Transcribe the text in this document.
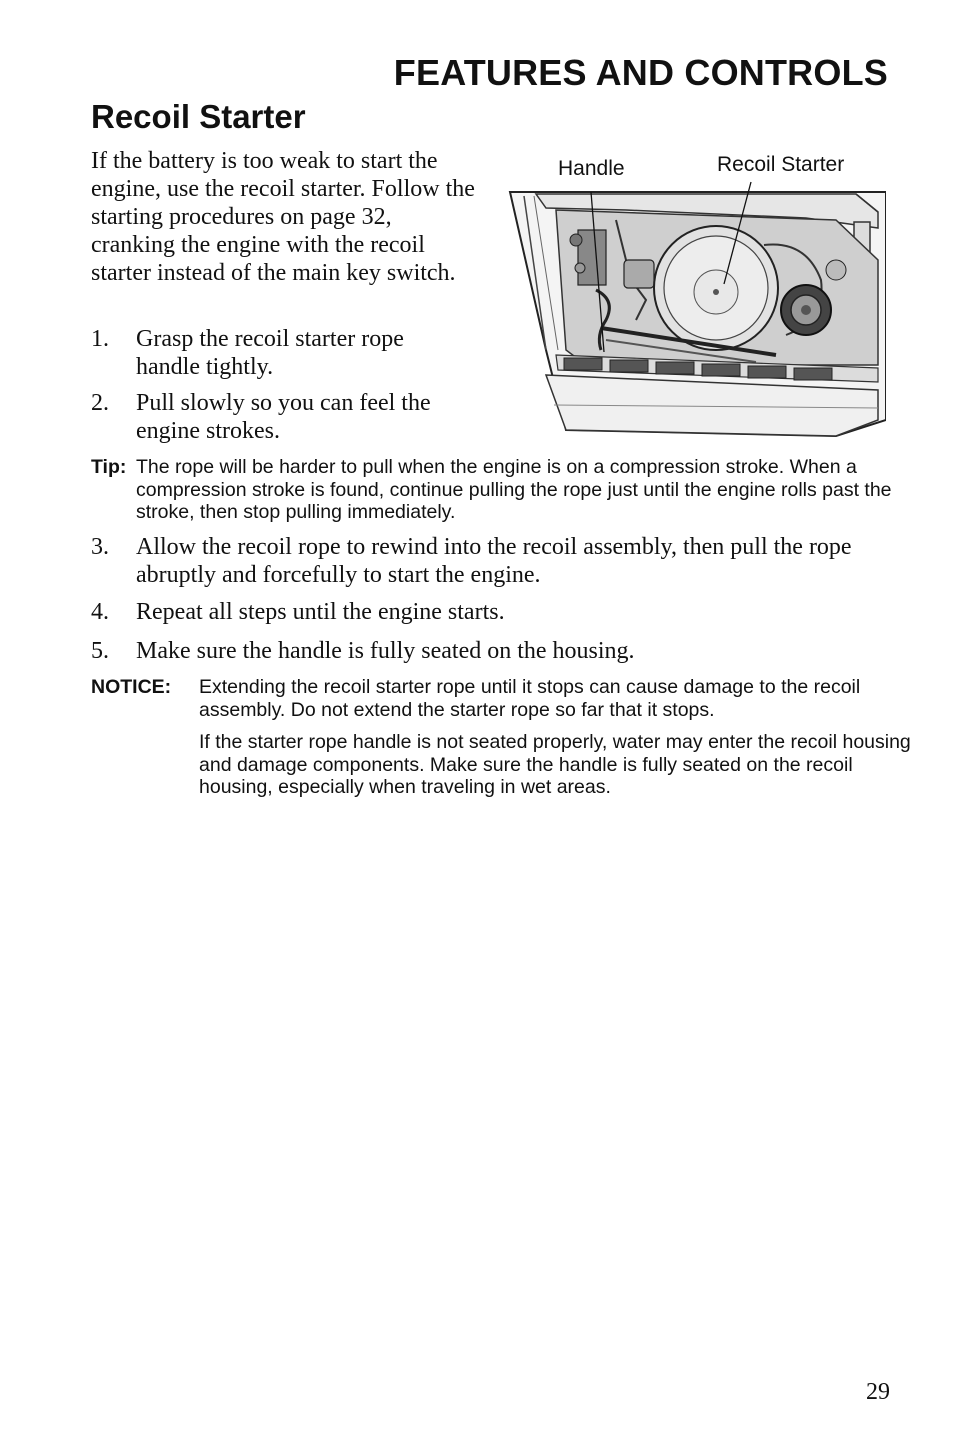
FEATURES AND CONTROLS
Recoil Starter

If the battery is too weak to start the engine, use the recoil starter. Follow the starting procedures on page 32, cranking the engine with the recoil starter instead of the main key switch.

Handle	Recoil Starter
1.	Grasp the recoil starter rope handle tightly.
2.	Pull slowly so you can feel the engine strokes.
Tip: The rope will be harder to pull when the engine is on a compression stroke. When a compression stroke is found, continue pulling the rope just until the engine rolls past the stroke, then stop pulling immediately.
3.	Allow the recoil rope to rewind into the recoil assembly, then pull the rope abruptly and forcefully to start the engine.
4.	Repeat all steps until the engine starts.
5.	Make sure the handle is fully seated on the housing.
NOTICE:	Extending the recoil starter rope until it stops can cause damage to the recoil assembly. Do not extend the starter rope so far that it stops.

If the starter rope handle is not seated properly, water may enter the recoil housing and damage components. Make sure the handle is fully seated on the recoil housing, especially when traveling in wet areas.

29
